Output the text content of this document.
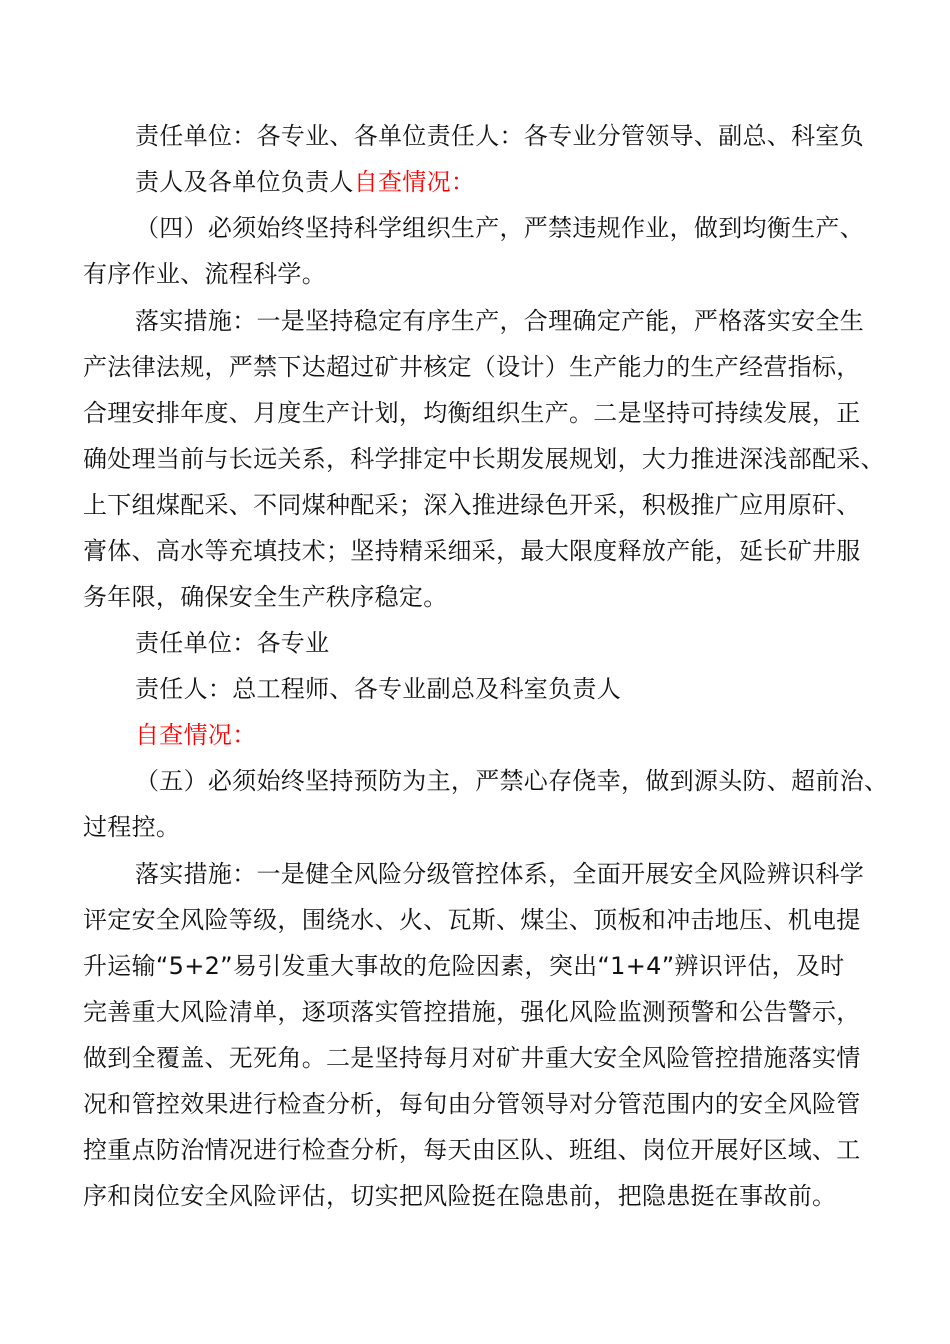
责任单位：各专业、各单位责任人：各专业分管领导、副总、科室负
责人及各单位负责人自查情况：
（四）必须始终坚持科学组织生产，严禁违规作业，做到均衡生产、
有序作业、流程科学。
落实措施：一是坚持稳定有序生产，合理确定产能，严格落实安全生
产法律法规，严禁下达超过矿井核定（设计）生产能力的生产经营指标，
合理安排年度、月度生产计划，均衡组织生产。二是坚持可持续发展，正
确处理当前与长远关系，科学排定中长期发展规划，大力推进深浅部配采、
上下组煤配采、不同煤种配采；深入推进绿色开采，积极推广应用原矸、
膏体、高水等充填技术；坚持精采细采，最大限度释放产能，延长矿井服
务年限，确保安全生产秩序稳定。
责任单位：各专业
责任人：总工程师、各专业副总及科室负责人
自查情况：
（五）必须始终坚持预防为主，严禁心存侥幸，做到源头防、超前治、
过程控。
落实措施：一是健全风险分级管控体系，全面开展安全风险辨识科学
评定安全风险等级，围绕水、火、瓦斯、煤尘、顶板和冲击地压、机电提
升运输“5+2”易引发重大事故的危险因素，突出“1+4”辨识评估，及时
完善重大风险清单，逐项落实管控措施，强化风险监测预警和公告警示，
做到全覆盖、无死角。二是坚持每月对矿井重大安全风险管控措施落实情
况和管控效果进行检查分析，每旬由分管领导对分管范围内的安全风险管
控重点防治情况进行检查分析，每天由区队、班组、岗位开展好区域、工
序和岗位安全风险评估，切实把风险挺在隐患前，把隐患挺在事故前。
